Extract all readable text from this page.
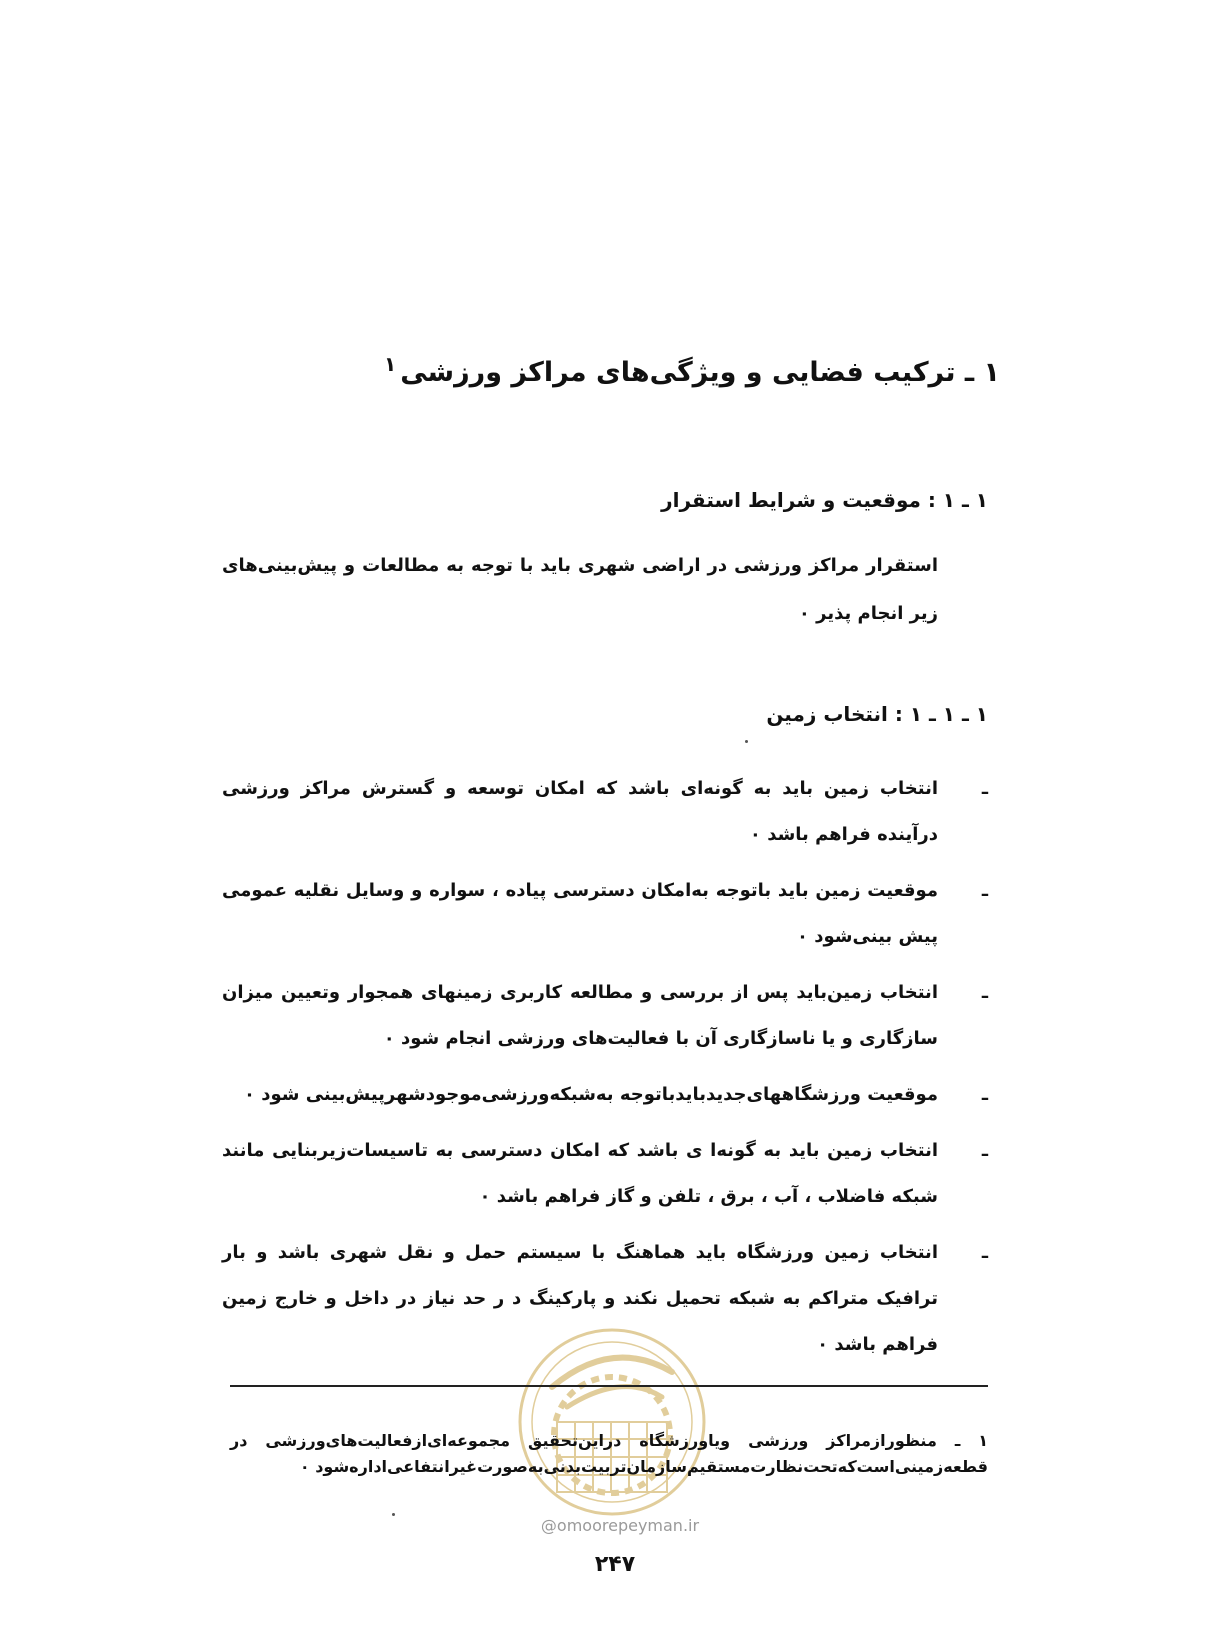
۱ ـ ترکیب فضایی و ویژگی‌های مراکز ورزشی$^۱$
۱ ـ ۱ : موقعیت و شرایط استقرار
استقرار مراکز ورزشی در اراضی شهری باید با توجه به مطالعات و پیش‌بینی‌های زیر انجام پذیر ۰
۱ ـ ۱ ـ ۱ : انتخاب زمین
ـ
انتخاب زمین باید به گونه‌ای باشد که امکان توسعه و گسترش مراکز ورزشی درآینده فراهم باشد ۰
ـ
موقعیت زمین باید باتوجه به‌امکان دسترسی پیاده ، سواره و وسایل نقلیه عمومی پیش بینی‌شود ۰
ـ
انتخاب زمین‌باید پس از بررسی و مطالعه کاربری زمینهای همجوار وتعیین میزان سازگاری و یا ناسازگاری آن با فعالیت‌های ورزشی انجام شود ۰
ـ
موقعیت ورزشگاههای‌جدیدبایدباتوجه به‌شبکه‌ورزشی‌موجودشهرپیش‌بینی شود ۰
ـ
انتخاب زمین باید به گونه‌ا ی باشد که امکان دسترسی به تاسیسات‌زیربنایی مانند شبکه فاضلاب ، آب ، برق ، تلفن و گاز فراهم باشد ۰
ـ
انتخاب زمین ورزشگاه باید هماهنگ با سیستم حمل و نقل شهری باشد و بار ترافیک متراکم به شبکه تحمیل نکند و پارکینگ د ر حد نیاز در داخل و خارج زمین فراهم باشد ۰
@omoorepeyman.ir
۱ ـ منظورازمراکز ورزشی ویاورزشگاه دراین‌تحقیق مجموعه‌ای‌ازفعالیت‌های‌ورزشی در قطعه‌زمینی‌است‌که‌تحت‌نظارت‌مستقیم‌سازمان‌تربیت‌بدنی‌به‌صورت‌غیرانتفاعی‌اداره‌شود ۰
۲۴۷
